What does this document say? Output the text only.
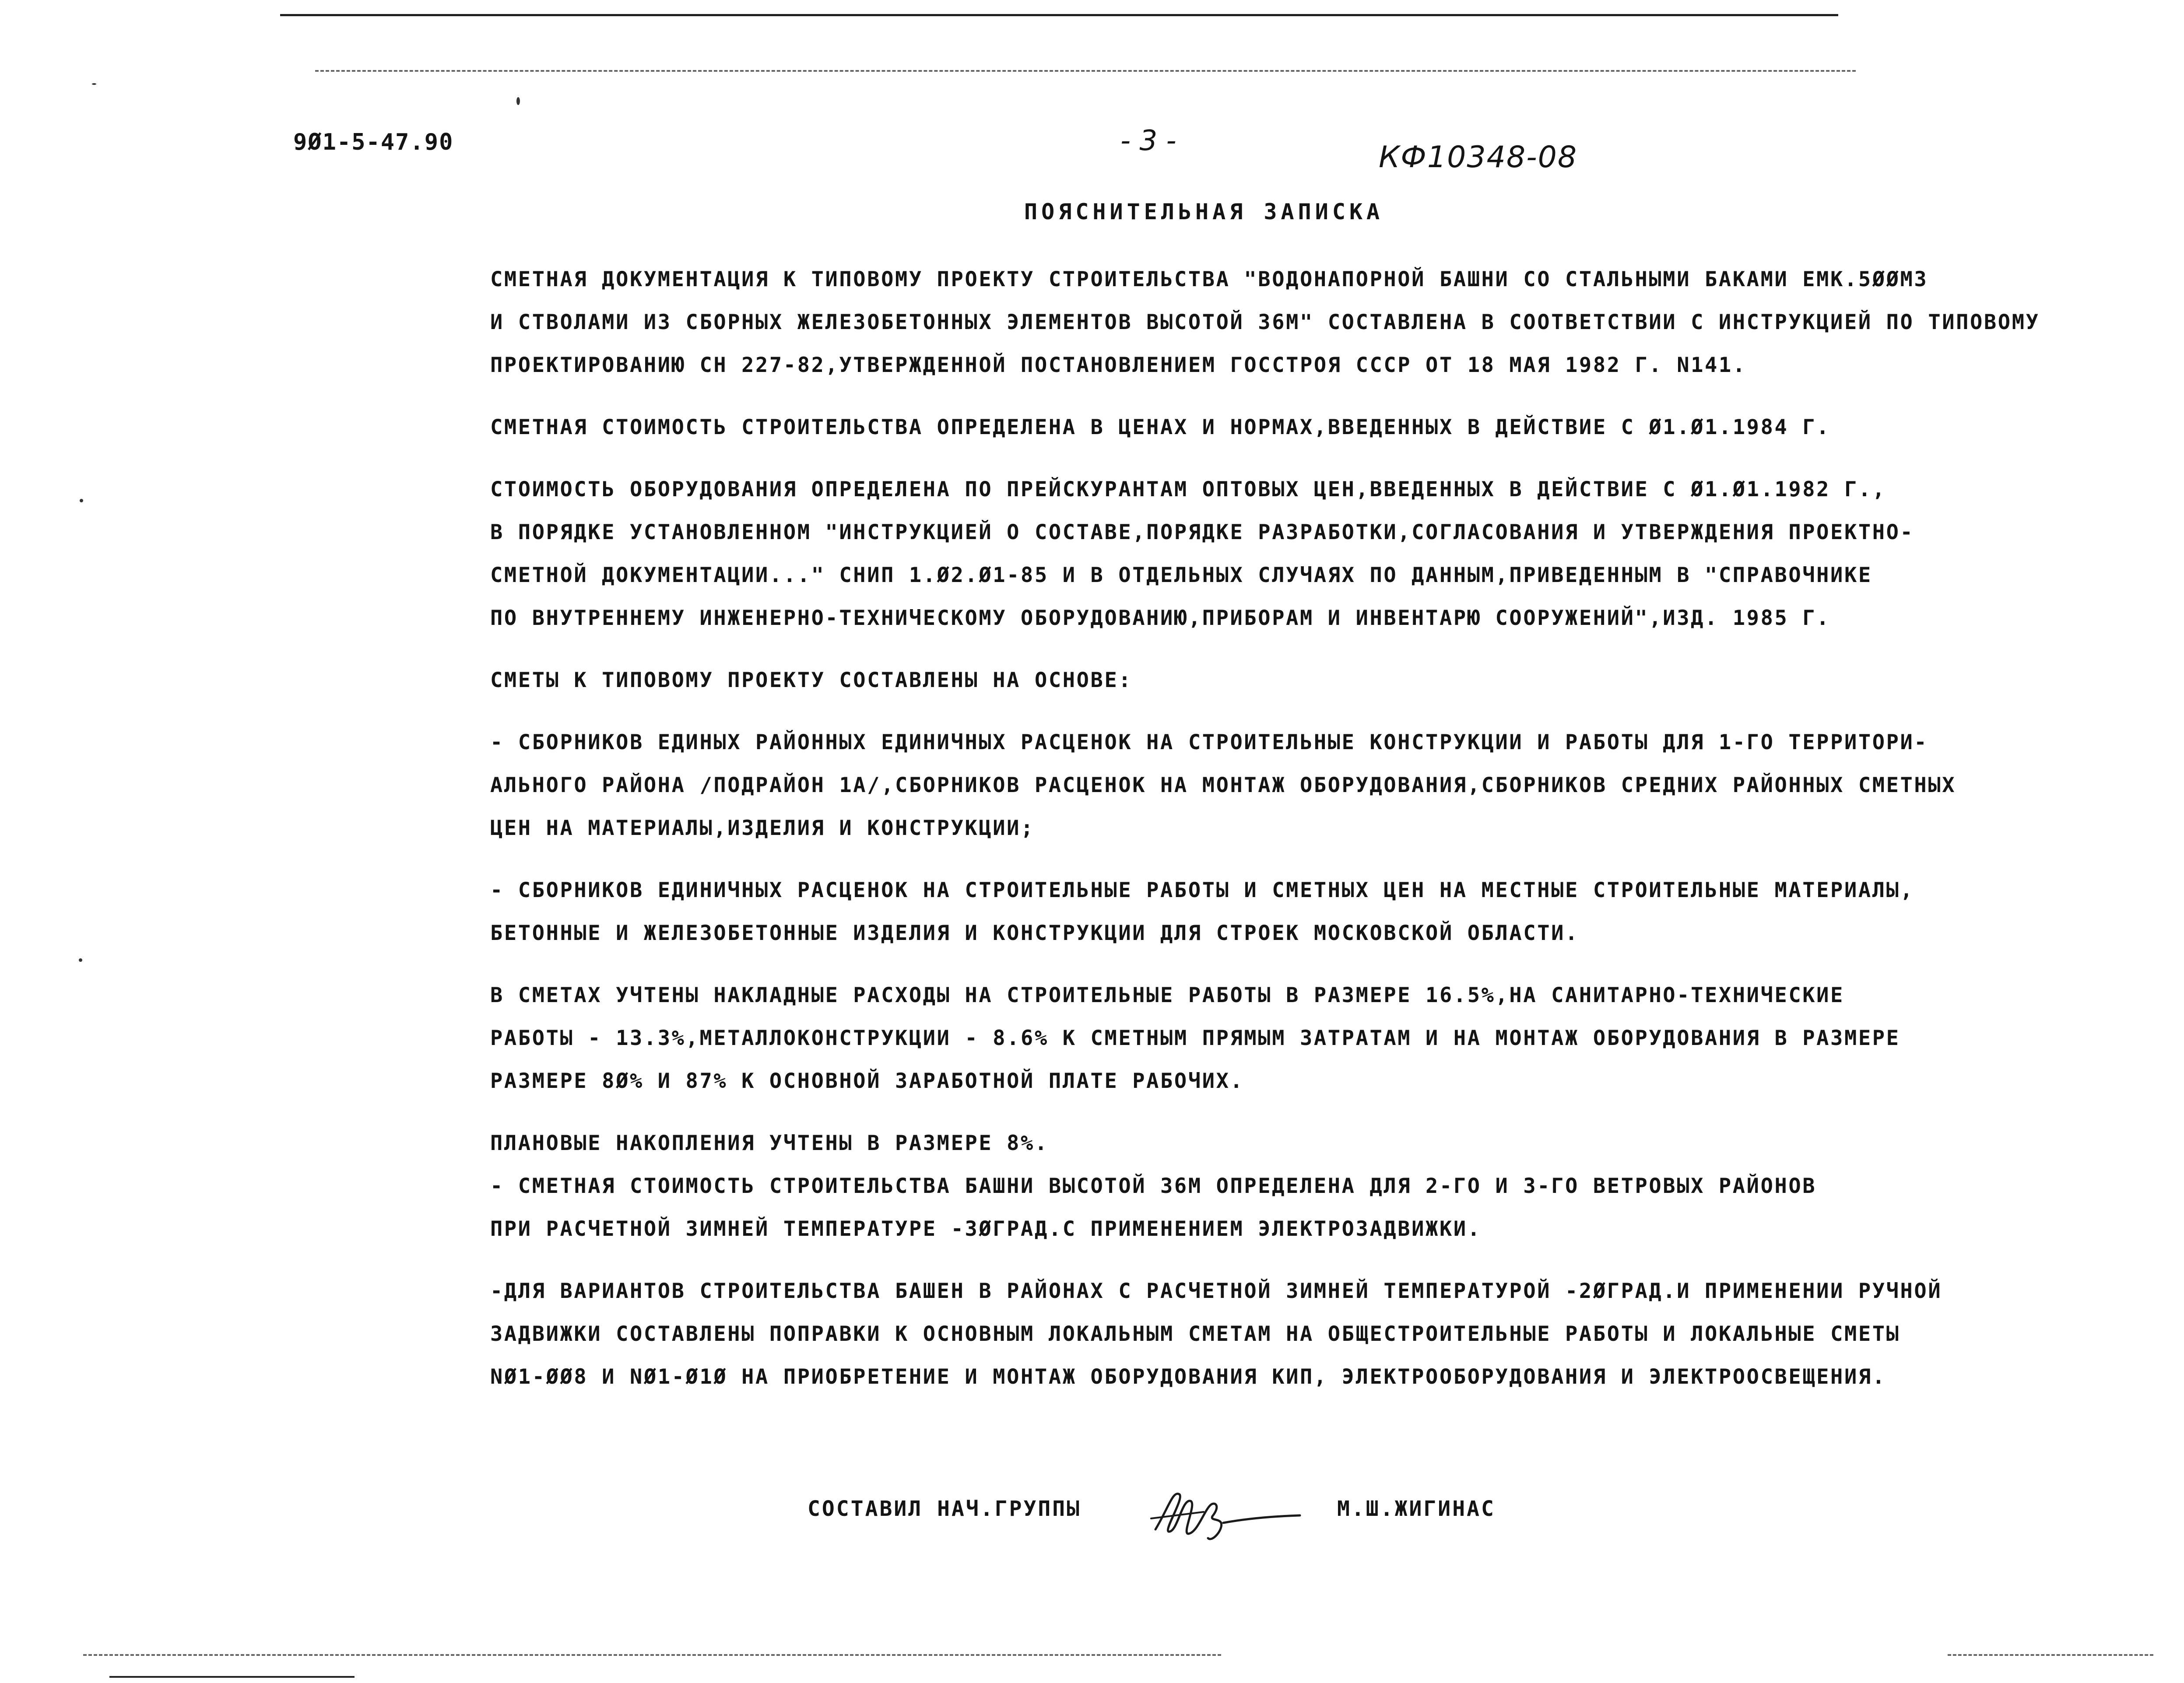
9Ø1-5-47.90	- 3 -	КФ10348-08
ПОЯСНИТЕЛЬНАЯ ЗАПИСКА

СМЕТНАЯ ДОКУМЕНТАЦИЯ К ТИПОВОМУ ПРОЕКТУ СТРОИТЕЛЬСТВА "ВОДОНАПОРНОЙ БАШНИ СО СТАЛЬНЫМИ БАКАМИ ЕМК.5ØØМ3

И СТВОЛАМИ ИЗ СБОРНЫХ ЖЕЛЕЗОБЕТОННЫХ ЭЛЕМЕНТОВ ВЫСОТОЙ 36М" СОСТАВЛЕНА В СООТВЕТСТВИИ С ИНСТРУКЦИЕЙ ПО ТИПОВОМУ

ПРОЕКТИРОВАНИЮ СН 227-82,УТВЕРЖДЕННОЙ ПОСТАНОВЛЕНИЕМ ГОССТРОЯ СССР ОТ 18 МАЯ 1982 Г. N141.

СМЕТНАЯ СТОИМОСТЬ СТРОИТЕЛЬСТВА ОПРЕДЕЛЕНА В ЦЕНАХ И НОРМАХ,ВВЕДЕННЫХ В ДЕЙСТВИЕ С Ø1.Ø1.1984 Г.

СТОИМОСТЬ ОБОРУДОВАНИЯ ОПРЕДЕЛЕНА ПО ПРЕЙСКУРАНТАМ ОПТОВЫХ ЦЕН,ВВЕДЕННЫХ В ДЕЙСТВИЕ С Ø1.Ø1.1982 Г.,

В ПОРЯДКЕ УСТАНОВЛЕННОМ "ИНСТРУКЦИЕЙ О СОСТАВЕ,ПОРЯДКЕ РАЗРАБОТКИ,СОГЛАСОВАНИЯ И УТВЕРЖДЕНИЯ ПРОЕКТНО-

СМЕТНОЙ ДОКУМЕНТАЦИИ..." СНИП 1.Ø2.Ø1-85 И В ОТДЕЛЬНЫХ СЛУЧАЯХ ПО ДАННЫМ,ПРИВЕДЕННЫМ В "СПРАВОЧНИКЕ

ПО ВНУТРЕННЕМУ ИНЖЕНЕРНО-ТЕХНИЧЕСКОМУ ОБОРУДОВАНИЮ,ПРИБОРАМ И ИНВЕНТАРЮ СООРУЖЕНИЙ",ИЗД. 1985 Г.

СМЕТЫ К ТИПОВОМУ ПРОЕКТУ СОСТАВЛЕНЫ НА ОСНОВЕ:

- СБОРНИКОВ ЕДИНЫХ РАЙОННЫХ ЕДИНИЧНЫХ РАСЦЕНОК НА СТРОИТЕЛЬНЫЕ КОНСТРУКЦИИ И РАБОТЫ ДЛЯ 1-ГО ТЕРРИТОРИ-

АЛЬНОГО РАЙОНА /ПОДРАЙОН 1А/,СБОРНИКОВ РАСЦЕНОК НА МОНТАЖ ОБОРУДОВАНИЯ,СБОРНИКОВ СРЕДНИХ РАЙОННЫХ СМЕТНЫХ

ЦЕН НА МАТЕРИАЛЫ,ИЗДЕЛИЯ И КОНСТРУКЦИИ;

- СБОРНИКОВ ЕДИНИЧНЫХ РАСЦЕНОК НА СТРОИТЕЛЬНЫЕ РАБОТЫ И СМЕТНЫХ ЦЕН НА МЕСТНЫЕ СТРОИТЕЛЬНЫЕ МАТЕРИАЛЫ,

БЕТОННЫЕ И ЖЕЛЕЗОБЕТОННЫЕ ИЗДЕЛИЯ И КОНСТРУКЦИИ ДЛЯ СТРОЕК МОСКОВСКОЙ ОБЛАСТИ.

В СМЕТАХ УЧТЕНЫ НАКЛАДНЫЕ РАСХОДЫ НА СТРОИТЕЛЬНЫЕ РАБОТЫ В РАЗМЕРЕ 16.5%,НА САНИТАРНО-ТЕХНИЧЕСКИЕ

РАБОТЫ - 13.3%,МЕТАЛЛОКОНСТРУКЦИИ - 8.6% К СМЕТНЫМ ПРЯМЫМ ЗАТРАТАМ И НА МОНТАЖ ОБОРУДОВАНИЯ В РАЗМЕРЕ

РАЗМЕРЕ 8Ø% И 87% К ОСНОВНОЙ ЗАРАБОТНОЙ ПЛАТЕ РАБОЧИХ.

ПЛАНОВЫЕ НАКОПЛЕНИЯ УЧТЕНЫ В РАЗМЕРЕ 8%.

- СМЕТНАЯ СТОИМОСТЬ СТРОИТЕЛЬСТВА БАШНИ ВЫСОТОЙ 36М ОПРЕДЕЛЕНА ДЛЯ 2-ГО И 3-ГО ВЕТРОВЫХ РАЙОНОВ

ПРИ РАСЧЕТНОЙ ЗИМНЕЙ ТЕМПЕРАТУРЕ -3ØГРАД.С ПРИМЕНЕНИЕМ ЭЛЕКТРОЗАДВИЖКИ.

-ДЛЯ ВАРИАНТОВ СТРОИТЕЛЬСТВА БАШЕН В РАЙОНАХ С РАСЧЕТНОЙ ЗИМНЕЙ ТЕМПЕРАТУРОЙ -2ØГРАД.И ПРИМЕНЕНИИ РУЧНОЙ

ЗАДВИЖКИ СОСТАВЛЕНЫ ПОПРАВКИ К ОСНОВНЫМ ЛОКАЛЬНЫМ СМЕТАМ НА ОБЩЕСТРОИТЕЛЬНЫЕ РАБОТЫ И ЛОКАЛЬНЫЕ СМЕТЫ

NØ1-ØØ8 И NØ1-Ø1Ø НА ПРИОБРЕТЕНИЕ И МОНТАЖ ОБОРУДОВАНИЯ КИП, ЭЛЕКТРООБОРУДОВАНИЯ И ЭЛЕКТРООСВЕЩЕНИЯ.

СОСТАВИЛ НАЧ.ГРУППЫ	М.Ш.ЖИГИНАС
